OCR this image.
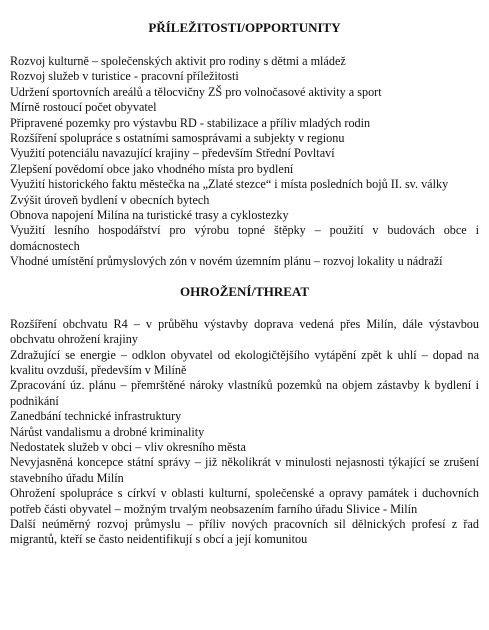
PŘÍLEŽITOSTI/OPPORTUNITY
Rozvoj kulturně – společenských aktivit pro rodiny s dětmi a mládež
Rozvoj služeb v turistice - pracovní příležitosti
Udržení sportovních areálů a tělocvičny ZŠ pro volnočasové aktivity a sport
Mírně rostoucí počet obyvatel
Připravené pozemky pro výstavbu RD - stabilizace a příliv mladých rodin
Rozšíření spolupráce s ostatními samosprávami a subjekty v regionu
Využití potenciálu navazující krajiny – především Střední Povltaví
Zlepšení povědomí obce jako vhodného místa pro bydlení
Využití historického faktu městečka na „Zlaté stezce“ i místa posledních bojů II. sv. války
Zvýšit úroveň bydlení v obecních bytech
Obnova napojení Milína na turistické trasy a cyklostezky
Využití lesního hospodářství pro výrobu topné štěpky – použití v budovách obce i domácnostech
Vhodné umístění průmyslových zón v novém územním plánu – rozvoj lokality u nádraží
OHROŽENÍ/THREAT
Rozšíření obchvatu R4 – v průběhu výstavby doprava vedená přes Milín, dále výstavbou obchvatu ohrožení krajiny
Zdražující se energie – odklon obyvatel od ekologičtějšího vytápění zpět k uhlí – dopad na kvalitu ovzduší, především v Milíně
Zpracování úz. plánu – přemrštěné nároky vlastníků pozemků na objem zástavby k bydlení i podnikání
Zanedbání technické infrastruktury
Nárůst vandalismu a drobné kriminality
Nedostatek služeb v obci – vliv okresního města
Nevyjasněná koncepce státní správy – již několikrát v minulosti nejasnosti týkající se zrušení stavebního úřadu Milín
Ohrožení spolupráce s církví v oblasti kulturní, společenské a opravy památek i duchovních potřeb části obyvatel – možným trvalým neobsazením farního úřadu Slivice - Milín
Další neúměrný rozvoj průmyslu – příliv nových pracovních sil dělnických profesí z řad migrantů, kteří se často neidentifikují s obcí a její komunitou
